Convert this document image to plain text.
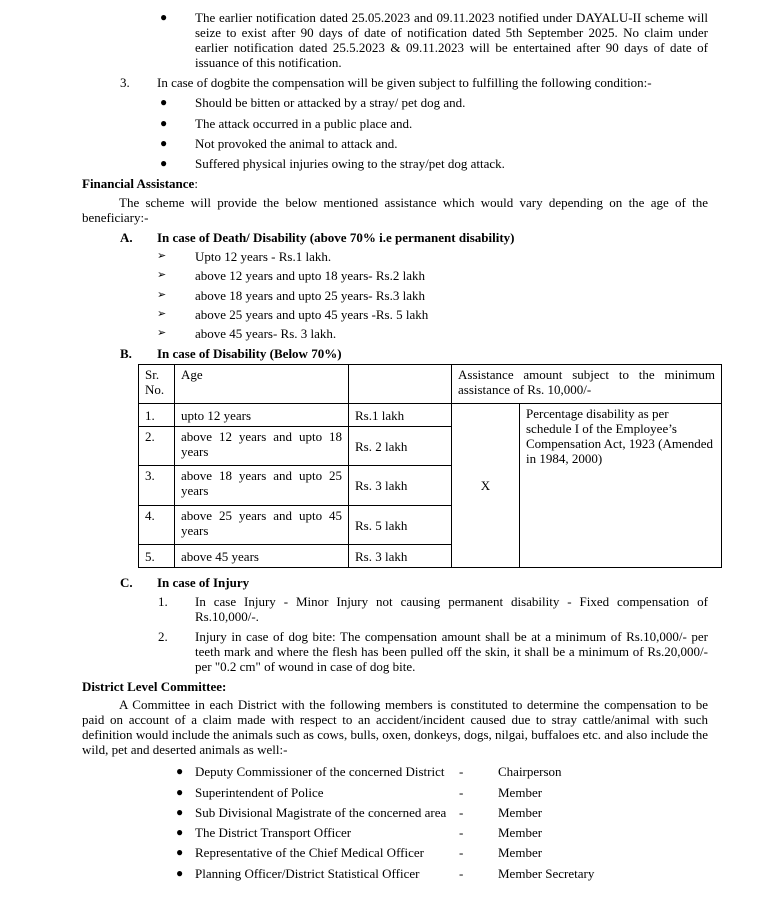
● The earlier notification dated 25.05.2023 and 09.11.2023 notified under DAYALU-II scheme will seize to exist after 90 days of date of notification dated 5th September 2025. No claim under earlier notification dated 25.5.2023 & 09.11.2023 will be entertained after 90 days of date of issuance of this notification.
3. In case of dogbite the compensation will be given subject to fulfilling the following condition:-
● Should be bitten or attacked by a stray/ pet dog and.
● The attack occurred in a public place and.
● Not provoked the animal to attack and.
● Suffered physical injuries owing to the stray/pet dog attack.
Financial Assistance:
The scheme will provide the below mentioned assistance which would vary depending on the age of the beneficiary:-
A. In case of Death/ Disability (above 70% i.e permanent disability)
➢ Upto 12 years - Rs.1 lakh.
➢ above 12 years and upto 18 years- Rs.2 lakh
➢ above 18 years and upto 25 years- Rs.3 lakh
➢ above 25 years and upto 45 years -Rs. 5 lakh
➢ above 45 years- Rs. 3 lakh.
B. In case of Disability (Below 70%)
Sr. No.	Age		Assistance amount subject to the minimum assistance of Rs. 10,000/-	
1.	upto 12 years	Rs.1 lakh	X	Percentage disability as per schedule I of the Employee’s Compensation Act, 1923 (Amended in 1984, 2000)
2.	above 12 years and upto 18 years	Rs. 2 lakh		
3.	above 18 years and upto 25 years	Rs. 3 lakh		
4.	above 25 years and upto 45 years	Rs. 5 lakh		
5.	above 45 years	Rs. 3 lakh		
C. In case of Injury
1. In case Injury - Minor Injury not causing permanent disability - Fixed compensation of Rs.10,000/-.
2. Injury in case of dog bite: The compensation amount shall be at a minimum of Rs.10,000/- per teeth mark and where the flesh has been pulled off the skin, it shall be a minimum of Rs.20,000/- per "0.2 cm" of wound in case of dog bite.
District Level Committee:
A Committee in each District with the following members is constituted to determine the compensation to be paid on account of a claim made with respect to an accident/incident caused due to stray cattle/animal with such definition would include the animals such as cows, bulls, oxen, donkeys, dogs, nilgai, buffaloes etc. and also include the wild, pet and deserted animals as well:-
● Deputy Commissioner of the concerned District -	Chairperson
● Superintendent of Police	-	Member
● Sub Divisional Magistrate of the concerned area -	Member
● The District Transport Officer	-	Member
● Representative of the Chief Medical Officer	-	Member
● Planning Officer/District Statistical Officer	-	Member Secretary
